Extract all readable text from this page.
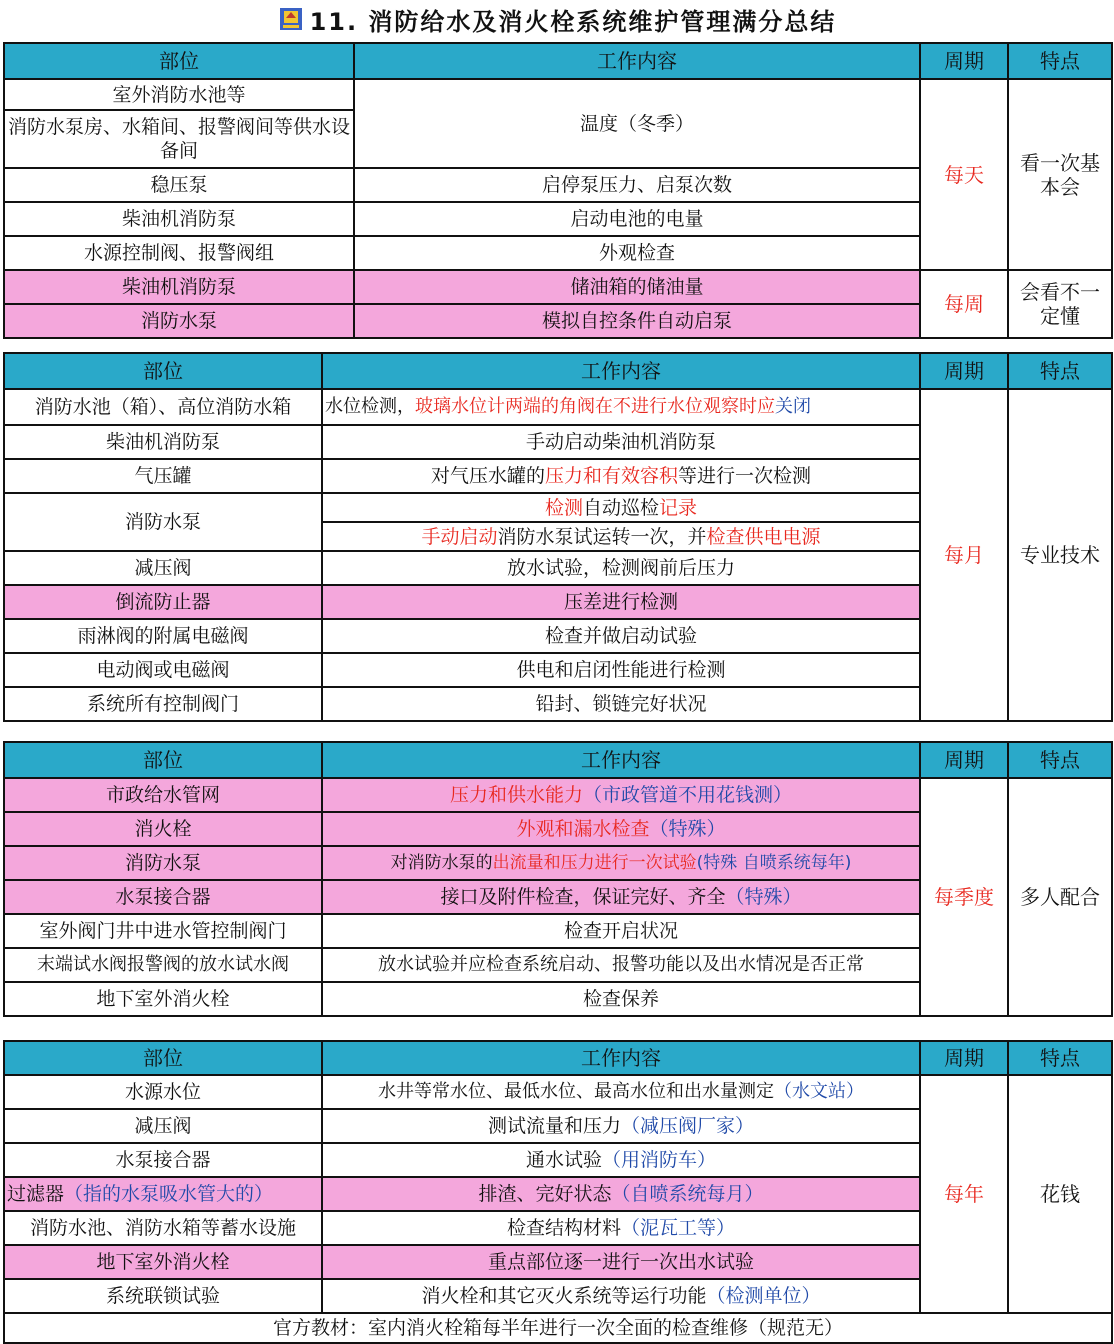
11. 消防给水及消火栓系统维护管理满分总结
部位	工作内容	周期	特点
室外消防水池等	温度（冬季）	每天	看一次基本会
消防水泵房、水箱间、报警阀间等供水设备间			
稳压泵	启停泵压力、启泵次数		
柴油机消防泵	启动电池的电量		
水源控制阀、报警阀组	外观检查		
柴油机消防泵	储油箱的储油量	每周	会看不一定懂
消防水泵	模拟自控条件自动启泵		
部位	工作内容	周期	特点
消防水池（箱）、高位消防水箱	水位检测，玻璃水位计两端的角阀在不进行水位观察时应关闭	每月	专业技术
柴油机消防泵	手动启动柴油机消防泵		
气压罐	对气压水罐的压力和有效容积等进行一次检测		
消防水泵	检测自动巡检记录		
	手动启动消防水泵试运转一次，并检查供电电源		
减压阀	放水试验，检测阀前后压力		
倒流防止器	压差进行检测		
雨淋阀的附属电磁阀	检查并做启动试验		
电动阀或电磁阀	供电和启闭性能进行检测		
系统所有控制阀门	铅封、锁链完好状况		
部位	工作内容	周期	特点
市政给水管网	压力和供水能力（市政管道不用花钱测）	每季度	多人配合
消火栓	外观和漏水检查（特殊）		
消防水泵	对消防水泵的出流量和压力进行一次试验(特殊 自喷系统每年)		
水泵接合器	接口及附件检查，保证完好、齐全（特殊）		
室外阀门井中进水管控制阀门	检查开启状况		
末端试水阀报警阀的放水试水阀	放水试验并应检查系统启动、报警功能以及出水情况是否正常		
地下室外消火栓	检查保养		
部位	工作内容	周期	特点
水源水位	水井等常水位、最低水位、最高水位和出水量测定（水文站）	每年	花钱
减压阀	测试流量和压力（减压阀厂家）		
水泵接合器	通水试验（用消防车）		
过滤器（指的水泵吸水管大的）	排渣、完好状态（自喷系统每月）		
消防水池、消防水箱等蓄水设施	检查结构材料（泥瓦工等）		
地下室外消火栓	重点部位逐一进行一次出水试验		
系统联锁试验	消火栓和其它灭火系统等运行功能（检测单位）		
官方教材：室内消火栓箱每半年进行一次全面的检查维修（规范无）			
